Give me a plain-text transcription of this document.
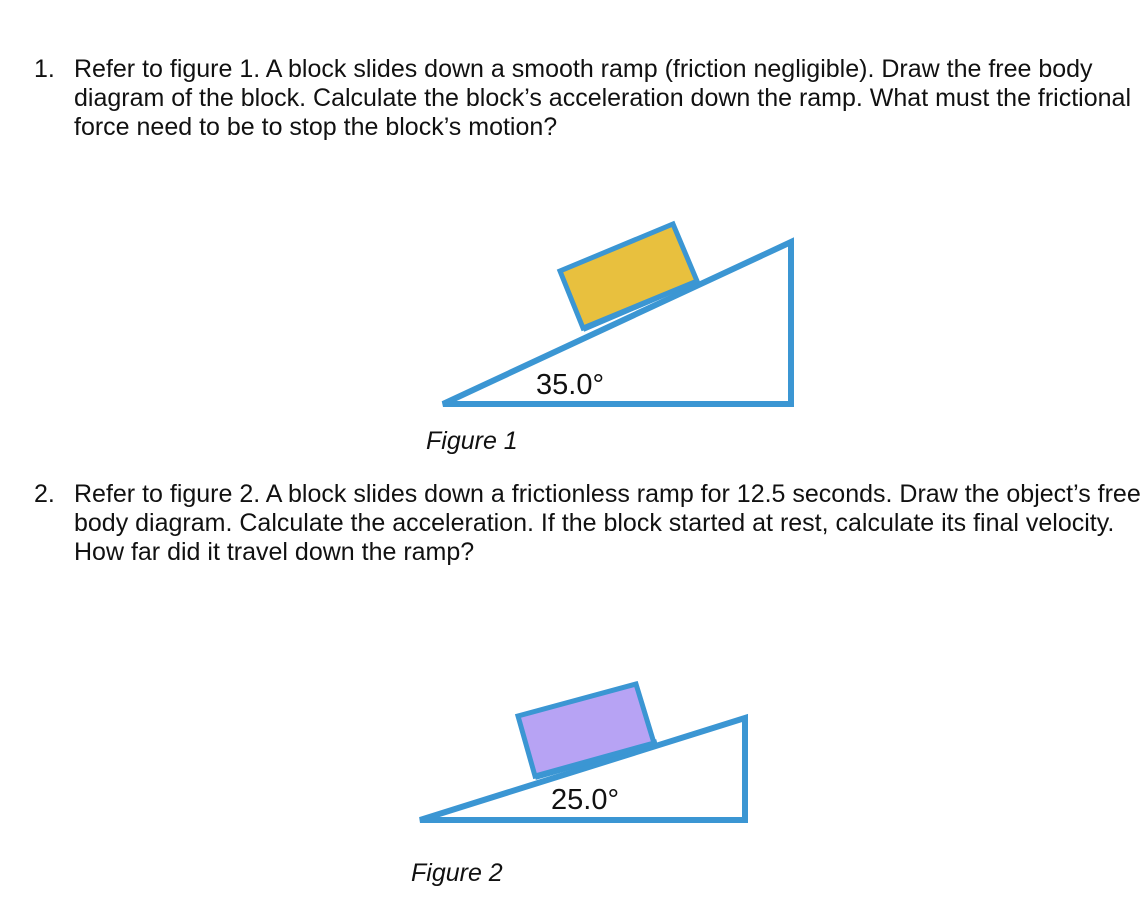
1. Refer to figure 1. A block slides down a smooth ramp (friction negligible). Draw the free body diagram of the block. Calculate the block’s acceleration down the ramp. What must the frictional force need to be to stop the block’s motion?
35.0°
25.0°
Figure 1
2. Refer to figure 2. A block slides down a frictionless ramp for 12.5 seconds. Draw the object’s free body diagram. Calculate the acceleration. If the block started at rest, calculate its final velocity. How far did it travel down the ramp?
Figure 2
